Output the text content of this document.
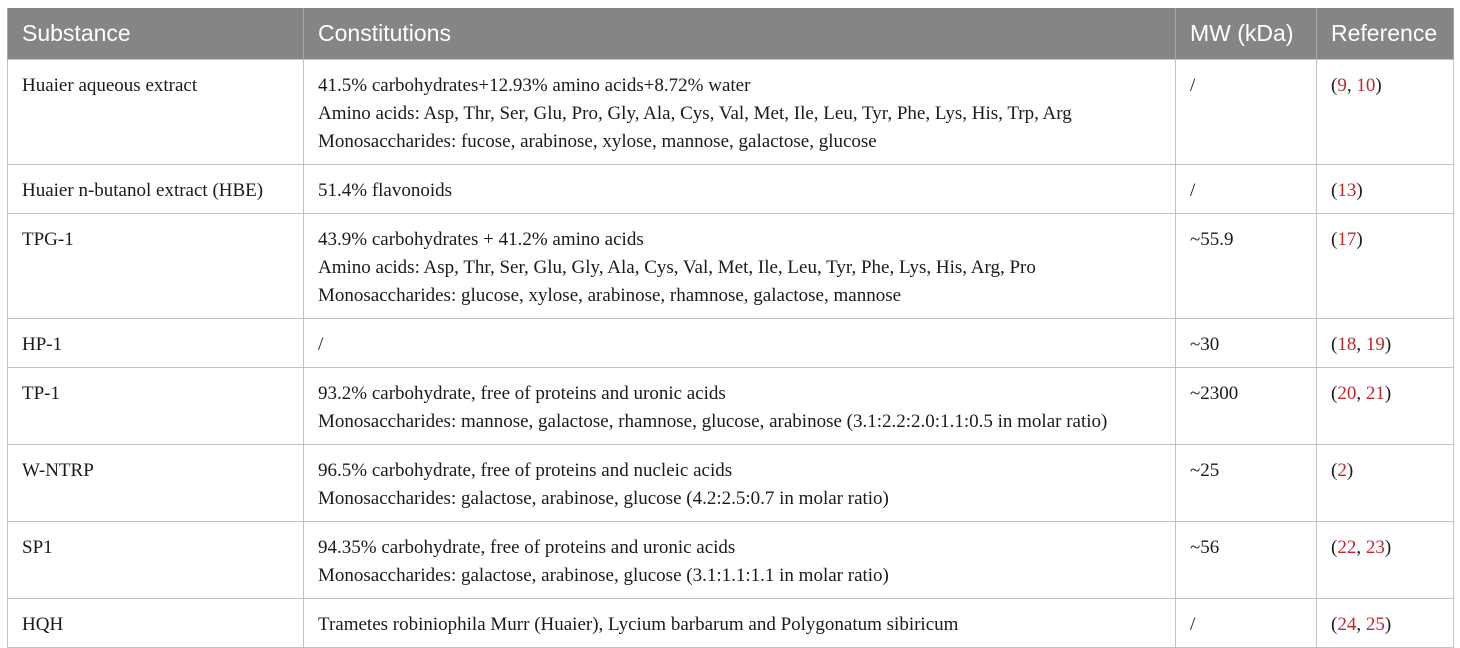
Substance	Constitutions	MW (kDa)	Reference
Huaier aqueous extract	41.5% carbohydrates+12.93% amino acids+8.72% water
Amino acids: Asp, Thr, Ser, Glu, Pro, Gly, Ala, Cys, Val, Met, Ile, Leu, Tyr, Phe, Lys, His, Trp, Arg
Monosaccharides: fucose, arabinose, xylose, mannose, galactose, glucose	/	(9, 10)
Huaier n-butanol extract (HBE)	51.4% flavonoids	/	(13)
TPG-1	43.9% carbohydrates + 41.2% amino acids
Amino acids: Asp, Thr, Ser, Glu, Gly, Ala, Cys, Val, Met, Ile, Leu, Tyr, Phe, Lys, His, Arg, Pro
Monosaccharides: glucose, xylose, arabinose, rhamnose, galactose, mannose	~55.9	(17)
HP-1	/	~30	(18, 19)
TP-1	93.2% carbohydrate, free of proteins and uronic acids
Monosaccharides: mannose, galactose, rhamnose, glucose, arabinose (3.1:2.2:2.0:1.1:0.5 in molar ratio)	~2300	(20, 21)
W-NTRP	96.5% carbohydrate, free of proteins and nucleic acids
Monosaccharides: galactose, arabinose, glucose (4.2:2.5:0.7 in molar ratio)	~25	(2)
SP1	94.35% carbohydrate, free of proteins and uronic acids
Monosaccharides: galactose, arabinose, glucose (3.1:1.1:1.1 in molar ratio)	~56	(22, 23)
HQH	Trametes robiniophila Murr (Huaier), Lycium barbarum and Polygonatum sibiricum	/	(24, 25)
